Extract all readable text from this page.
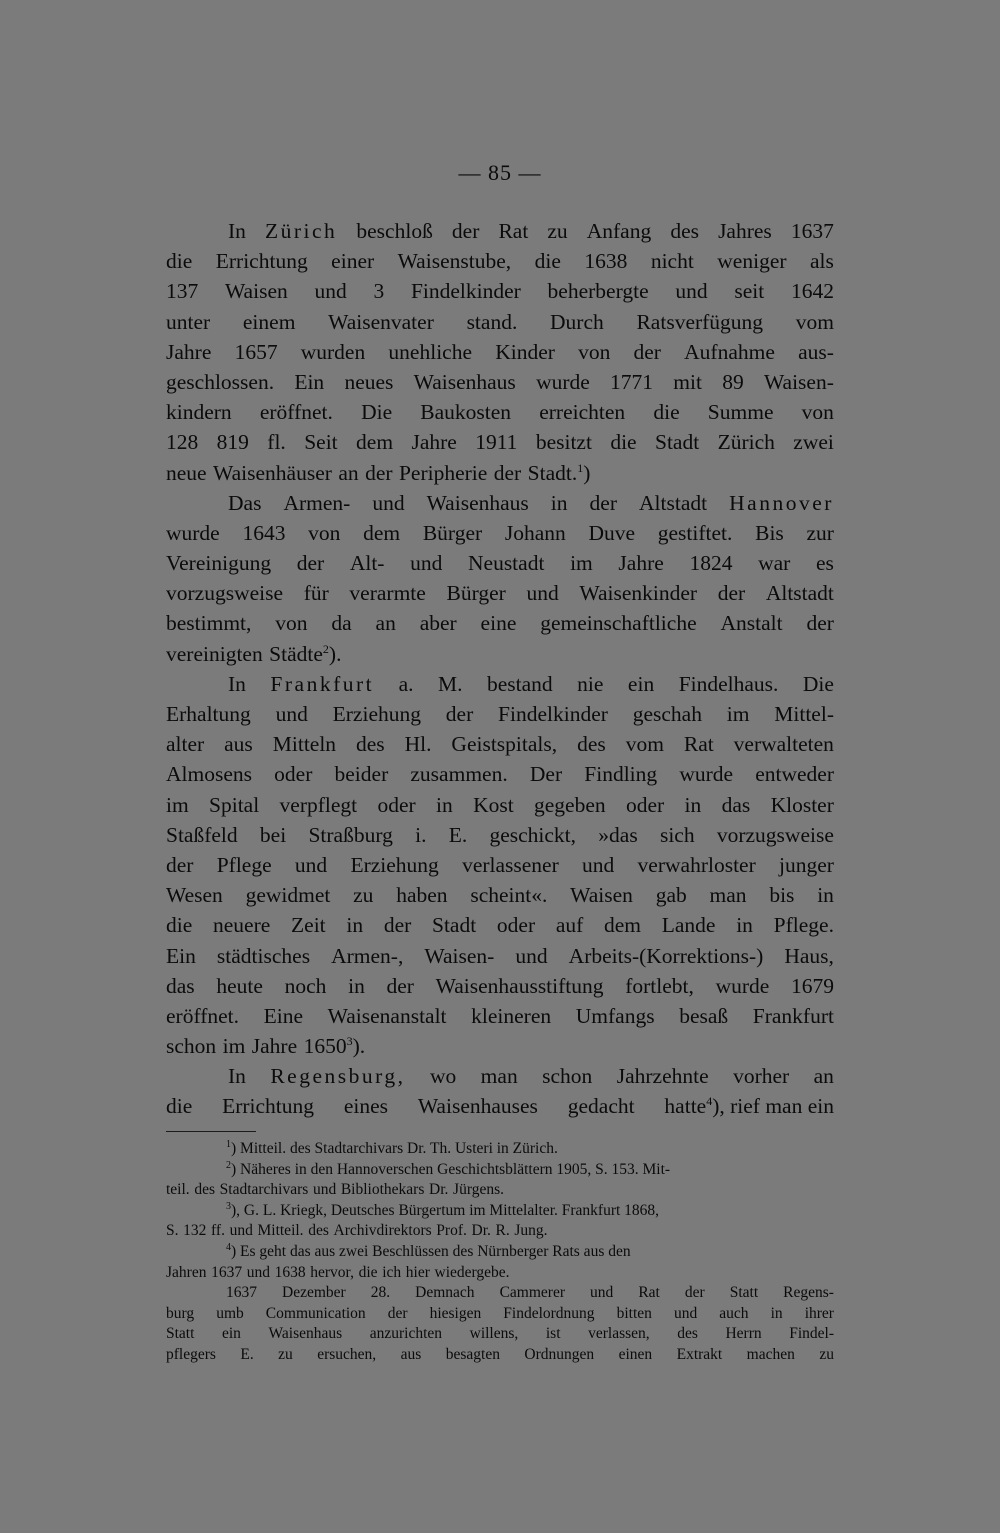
— 85 —
In Zürich beschloß der Rat zu Anfang des Jahres 1637
die Errichtung einer Waisenstube, die 1638 nicht weniger als
137 Waisen und 3 Findelkinder beherbergte und seit 1642
unter einem Waisenvater stand. Durch Ratsverfügung vom
Jahre 1657 wurden unehliche Kinder von der Aufnahme aus-
geschlossen. Ein neues Waisenhaus wurde 1771 mit 89 Waisen-
kindern eröffnet. Die Baukosten erreichten die Summe von
128 819 fl. Seit dem Jahre 1911 besitzt die Stadt Zürich zwei
neue Waisenhäuser an der Peripherie der Stadt.$^1$)
Das Armen- und Waisenhaus in der Altstadt Hannover
wurde 1643 von dem Bürger Johann Duve gestiftet. Bis zur
Vereinigung der Alt- und Neustadt im Jahre 1824 war es
vorzugsweise für verarmte Bürger und Waisenkinder der Altstadt
bestimmt, von da an aber eine gemeinschaftliche Anstalt der
vereinigten Städte$^2$).
In Frankfurt a. M. bestand nie ein Findelhaus. Die
Erhaltung und Erziehung der Findelkinder geschah im Mittel-
alter aus Mitteln des Hl. Geistspitals, des vom Rat verwalteten
Almosens oder beider zusammen. Der Findling wurde entweder
im Spital verpflegt oder in Kost gegeben oder in das Kloster
Staßfeld bei Straßburg i. E. geschickt, »das sich vorzugsweise
der Pflege und Erziehung verlassener und verwahrloster junger
Wesen gewidmet zu haben scheint«. Waisen gab man bis in
die neuere Zeit in der Stadt oder auf dem Lande in Pflege.
Ein städtisches Armen-, Waisen- und Arbeits-(Korrektions-) Haus,
das heute noch in der Waisenhausstiftung fortlebt, wurde 1679
eröffnet. Eine Waisenanstalt kleineren Umfangs besaß Frankfurt
schon im Jahre 1650$^3$).
In Regensburg, wo man schon Jahrzehnte vorher an
die Errichtung eines Waisenhauses gedacht hatte$^4$), rief man ein
$^1$) Mitteil. des Stadtarchivars Dr. Th. Usteri in Zürich.
$^2$) Näheres in den Hannoverschen Geschichtsblättern 1905, S. 153. Mit-
teil. des Stadtarchivars und Bibliothekars Dr. Jürgens.
$^3$), G. L. Kriegk, Deutsches Bürgertum im Mittelalter. Frankfurt 1868,
S. 132 ff. und Mitteil. des Archivdirektors Prof. Dr. R. Jung.
$^4$) Es geht das aus zwei Beschlüssen des Nürnberger Rats aus den
Jahren 1637 und 1638 hervor, die ich hier wiedergebe.
1637 Dezember 28. Demnach Cammerer und Rat der Statt Regens-
burg umb Communication der hiesigen Findelordnung bitten und auch in ihrer
Statt ein Waisenhaus anzurichten willens, ist verlassen, des Herrn Findel-
pflegers E. zu ersuchen, aus besagten Ordnungen einen Extrakt machen zu
